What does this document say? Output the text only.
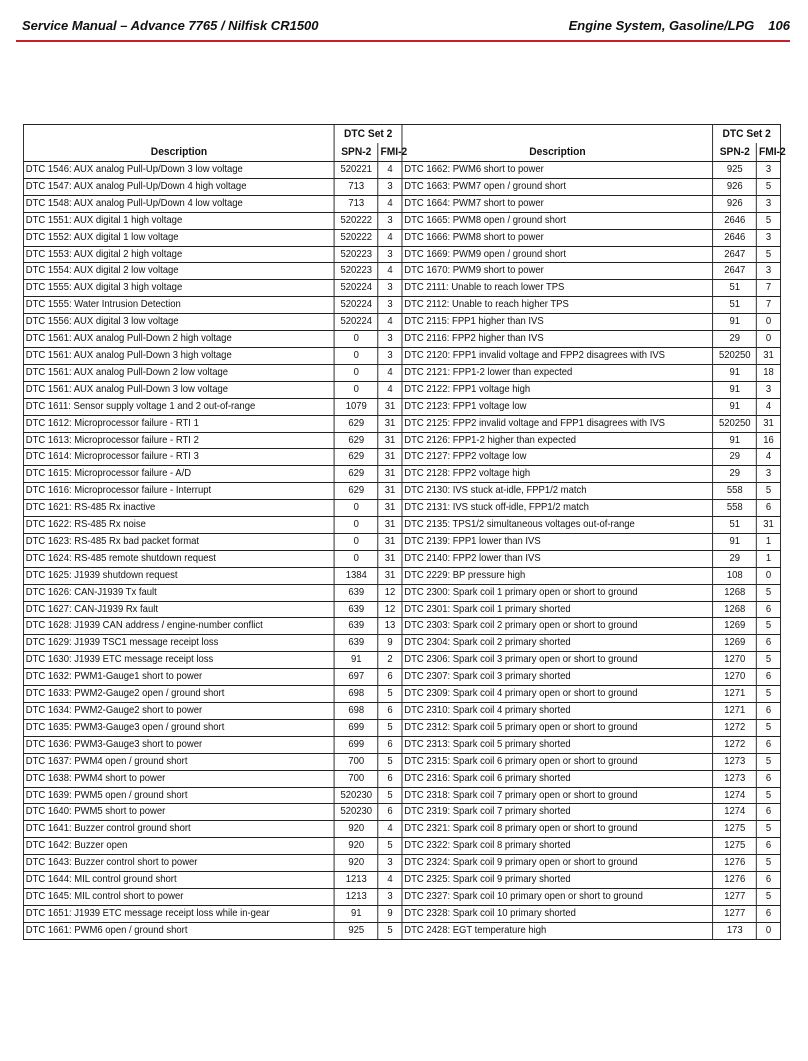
Service Manual – Advance 7765 / Nilfisk CR1500	Engine System, Gasoline/LPG 106
	DTC Set 2			DTC Set 2	
Description	SPN-2	FMI-2	Description	SPN-2	FMI-2
DTC 1546: AUX analog Pull-Up/Down 3 low voltage	520221	4	DTC 1662: PWM6 short to power	925	3
DTC 1547: AUX analog Pull-Up/Down 4 high voltage	713	3	DTC 1663: PWM7 open / ground short	926	5
DTC 1548: AUX analog Pull-Up/Down 4 low voltage	713	4	DTC 1664: PWM7 short to power	926	3
DTC 1551: AUX digital 1 high voltage	520222	3	DTC 1665: PWM8 open / ground short	2646	5
DTC 1552: AUX digital 1 low voltage	520222	4	DTC 1666: PWM8 short to power	2646	3
DTC 1553: AUX digital 2 high voltage	520223	3	DTC 1669: PWM9 open / ground short	2647	5
DTC 1554: AUX digital 2 low voltage	520223	4	DTC 1670: PWM9 short to power	2647	3
DTC 1555: AUX digital 3 high voltage	520224	3	DTC 2111: Unable to reach lower TPS	51	7
DTC 1555: Water Intrusion Detection	520224	3	DTC 2112: Unable to reach higher TPS	51	7
DTC 1556: AUX digital 3 low voltage	520224	4	DTC 2115: FPP1 higher than IVS	91	0
DTC 1561: AUX analog Pull-Down 2 high voltage	0	3	DTC 2116: FPP2 higher than IVS	29	0
DTC 1561: AUX analog Pull-Down 3 high voltage	0	3	DTC 2120: FPP1 invalid voltage and FPP2 disagrees with IVS	520250	31
DTC 1561: AUX analog Pull-Down 2 low voltage	0	4	DTC 2121: FPP1-2 lower than expected	91	18
DTC 1561: AUX analog Pull-Down 3 low voltage	0	4	DTC 2122: FPP1 voltage high	91	3
DTC 1611: Sensor supply voltage 1 and 2 out-of-range	1079	31	DTC 2123: FPP1 voltage low	91	4
DTC 1612: Microprocessor failure - RTI 1	629	31	DTC 2125: FPP2 invalid voltage and FPP1 disagrees with IVS	520250	31
DTC 1613: Microprocessor failure - RTI 2	629	31	DTC 2126: FPP1-2 higher than expected	91	16
DTC 1614: Microprocessor failure - RTI 3	629	31	DTC 2127: FPP2 voltage low	29	4
DTC 1615: Microprocessor failure - A/D	629	31	DTC 2128: FPP2 voltage high	29	3
DTC 1616: Microprocessor failure - Interrupt	629	31	DTC 2130: IVS stuck at-idle, FPP1/2 match	558	5
DTC 1621: RS-485 Rx inactive	0	31	DTC 2131: IVS stuck off-idle, FPP1/2 match	558	6
DTC 1622: RS-485 Rx noise	0	31	DTC 2135: TPS1/2 simultaneous voltages out-of-range	51	31
DTC 1623: RS-485 Rx bad packet format	0	31	DTC 2139: FPP1 lower than IVS	91	1
DTC 1624: RS-485 remote shutdown request	0	31	DTC 2140: FPP2 lower than IVS	29	1
DTC 1625: J1939 shutdown request	1384	31	DTC 2229: BP pressure high	108	0
DTC 1626: CAN-J1939 Tx fault	639	12	DTC 2300: Spark coil 1 primary open or short to ground	1268	5
DTC 1627: CAN-J1939 Rx fault	639	12	DTC 2301: Spark coil 1 primary shorted	1268	6
DTC 1628: J1939 CAN address / engine-number conflict	639	13	DTC 2303: Spark coil 2 primary open or short to ground	1269	5
DTC 1629: J1939 TSC1 message receipt loss	639	9	DTC 2304: Spark coil 2 primary shorted	1269	6
DTC 1630: J1939 ETC message receipt loss	91	2	DTC 2306: Spark coil 3 primary open or short to ground	1270	5
DTC 1632: PWM1-Gauge1 short to power	697	6	DTC 2307: Spark coil 3 primary shorted	1270	6
DTC 1633: PWM2-Gauge2 open / ground short	698	5	DTC 2309: Spark coil 4 primary open or short to ground	1271	5
DTC 1634: PWM2-Gauge2 short to power	698	6	DTC 2310: Spark coil 4 primary shorted	1271	6
DTC 1635: PWM3-Gauge3 open / ground short	699	5	DTC 2312: Spark coil 5 primary open or short to ground	1272	5
DTC 1636: PWM3-Gauge3 short to power	699	6	DTC 2313: Spark coil 5 primary shorted	1272	6
DTC 1637: PWM4 open / ground short	700	5	DTC 2315: Spark coil 6 primary open or short to ground	1273	5
DTC 1638: PWM4 short to power	700	6	DTC 2316: Spark coil 6 primary shorted	1273	6
DTC 1639: PWM5 open / ground short	520230	5	DTC 2318: Spark coil 7 primary open or short to ground	1274	5
DTC 1640: PWM5 short to power	520230	6	DTC 2319: Spark coil 7 primary shorted	1274	6
DTC 1641: Buzzer control ground short	920	4	DTC 2321: Spark coil 8 primary open or short to ground	1275	5
DTC 1642: Buzzer open	920	5	DTC 2322: Spark coil 8 primary shorted	1275	6
DTC 1643: Buzzer control short to power	920	3	DTC 2324: Spark coil 9 primary open or short to ground	1276	5
DTC 1644: MIL control ground short	1213	4	DTC 2325: Spark coil 9 primary shorted	1276	6
DTC 1645: MIL control short to power	1213	3	DTC 2327: Spark coil 10 primary open or short to ground	1277	5
DTC 1651: J1939 ETC message receipt loss while in-gear	91	9	DTC 2328: Spark coil 10 primary shorted	1277	6
DTC 1661: PWM6 open / ground short	925	5	DTC 2428: EGT temperature high	173	0
